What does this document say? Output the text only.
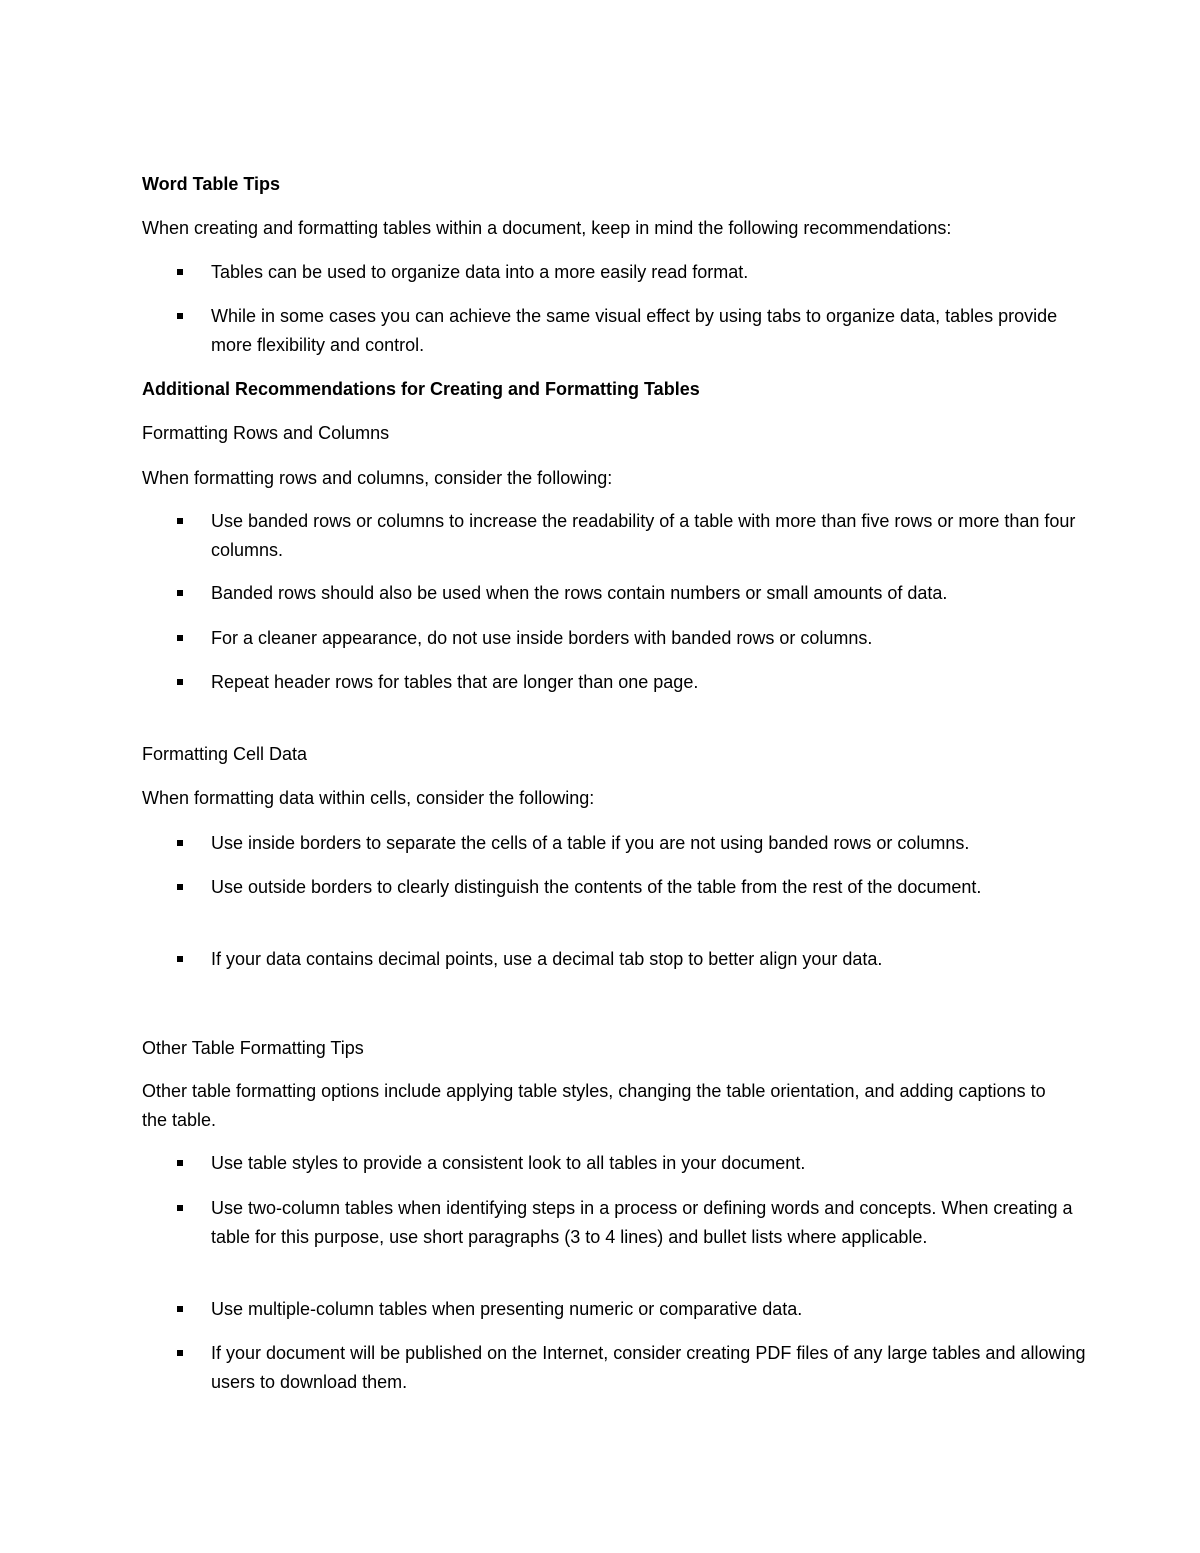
Word Table Tips
When creating and formatting tables within a document, keep in mind the following recommendations:
Tables can be used to organize data into a more easily read format.
While in some cases you can achieve the same visual effect by using tabs to organize data, tables provide more flexibility and control.
Additional Recommendations for Creating and Formatting Tables
Formatting Rows and Columns
When formatting rows and columns, consider the following:
Use banded rows or columns to increase the readability of a table with more than five rows or more than four columns.
Banded rows should also be used when the rows contain numbers or small amounts of data.
For a cleaner appearance, do not use inside borders with banded rows or columns.
Repeat header rows for tables that are longer than one page.
Formatting Cell Data
When formatting data within cells, consider the following:
Use inside borders to separate the cells of a table if you are not using banded rows or columns.
Use outside borders to clearly distinguish the contents of the table from the rest of the document.
If your data contains decimal points, use a decimal tab stop to better align your data.
Other Table Formatting Tips
Other table formatting options include applying table styles, changing the table orientation, and adding captions to the table.
Use table styles to provide a consistent look to all tables in your document.
Use two-column tables when identifying steps in a process or defining words and concepts. When creating a table for this purpose, use short paragraphs (3 to 4 lines) and bullet lists where applicable.
Use multiple-column tables when presenting numeric or comparative data.
If your document will be published on the Internet, consider creating PDF files of any large tables and allowing users to download them.
